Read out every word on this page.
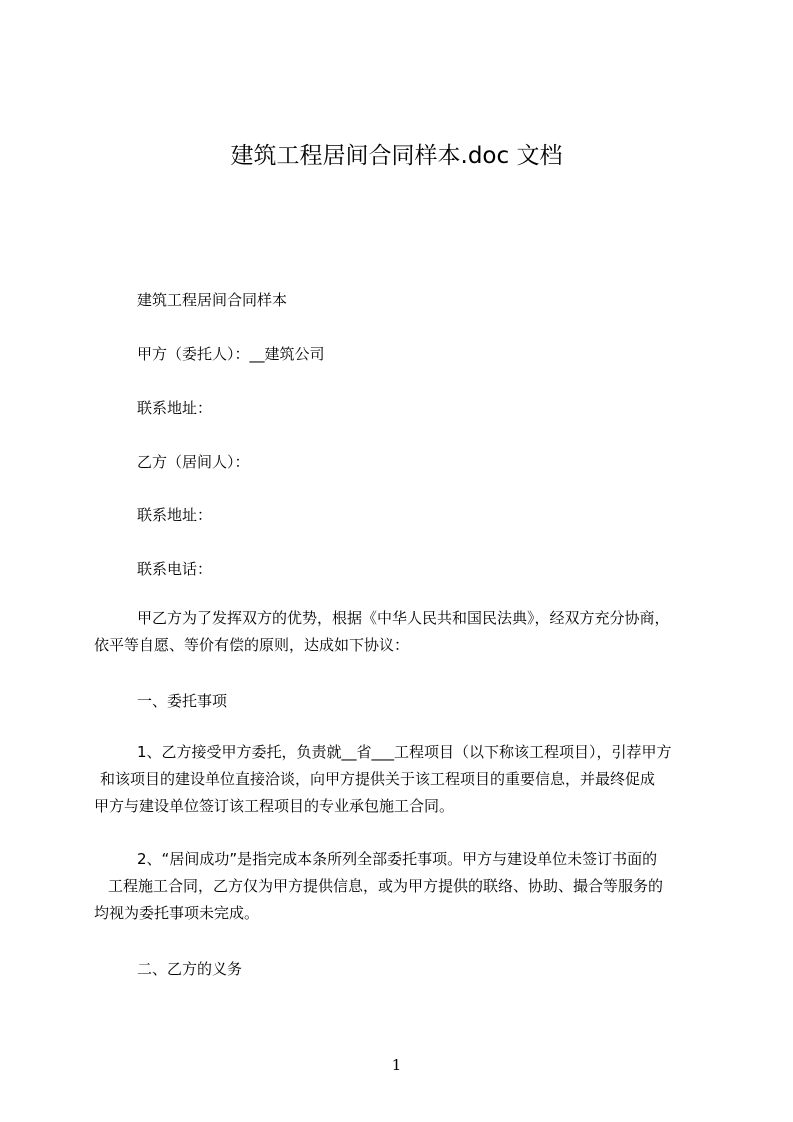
建筑工程居间合同样本.doc 文档
建筑工程居间合同样本
甲方（委托人）：__建筑公司
联系地址：
乙方（居间人）：
联系地址：
联系电话：
甲乙方为了发挥双方的优势，根据《中华人民共和国民法典》，经双方充分协商，
依平等自愿、等价有偿的原则，达成如下协议：
一、委托事项
1、乙方接受甲方委托，负责就__省___工程项目（以下称该工程项目），引荐甲方
和该项目的建设单位直接洽谈，向甲方提供关于该工程项目的重要信息，并最终促成
甲方与建设单位签订该工程项目的专业承包施工合同。
2、“居间成功”是指完成本条所列全部委托事项。甲方与建设单位未签订书面的
工程施工合同，乙方仅为甲方提供信息，或为甲方提供的联络、协助、撮合等服务的
均视为委托事项未完成。
二、乙方的义务
1
